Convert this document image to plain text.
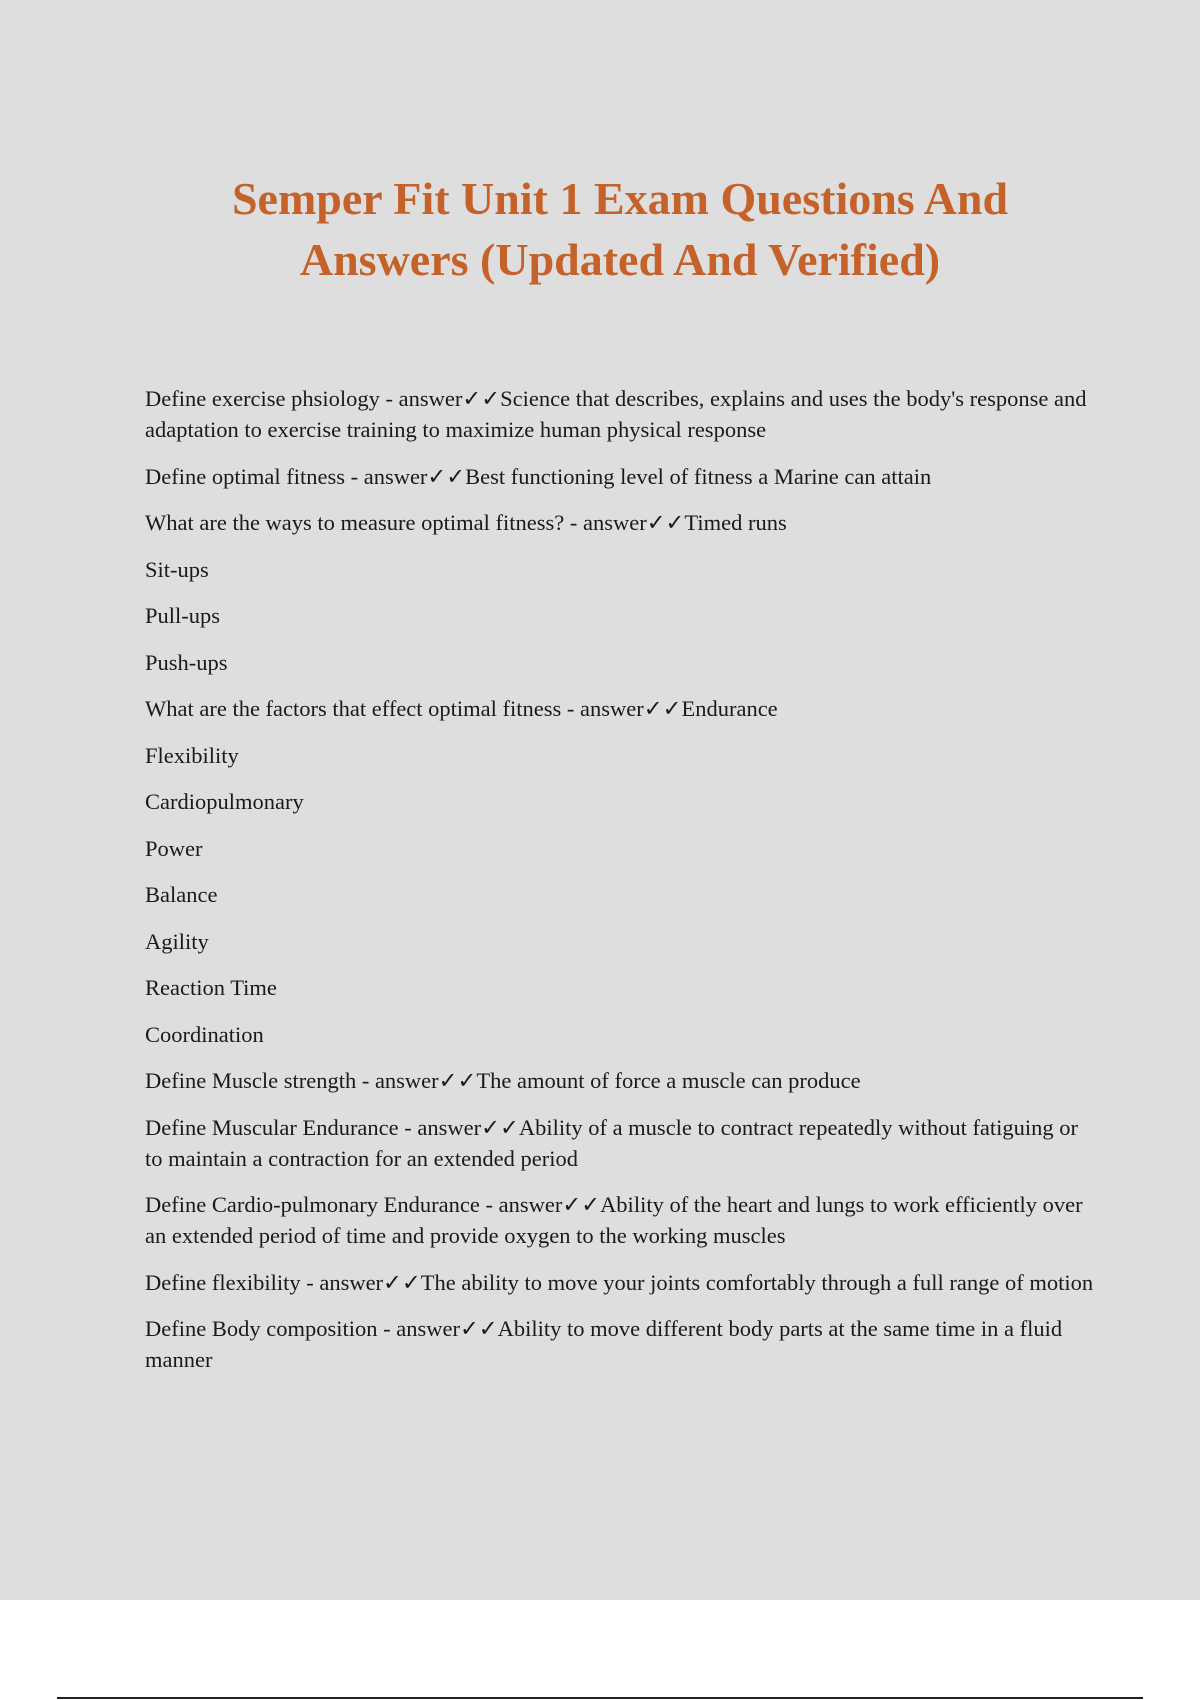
Semper Fit Unit 1 Exam Questions And Answers (Updated And Verified)

Define exercise phsiology - answer✓✓Science that describes, explains and uses the body's response and adaptation to exercise training to maximize human physical response

Define optimal fitness - answer✓✓Best functioning level of fitness a Marine can attain

What are the ways to measure optimal fitness? - answer✓✓Timed runs

Sit-ups

Pull-ups

Push-ups

What are the factors that effect optimal fitness - answer✓✓Endurance

Flexibility

Cardiopulmonary

Power

Balance

Agility

Reaction Time

Coordination

Define Muscle strength - answer✓✓The amount of force a muscle can produce

Define Muscular Endurance - answer✓✓Ability of a muscle to contract repeatedly without fatiguing or to maintain a contraction for an extended period

Define Cardio-pulmonary Endurance - answer✓✓Ability of the heart and lungs to work efficiently over an extended period of time and provide oxygen to the working muscles

Define flexibility - answer✓✓The ability to move your joints comfortably through a full range of motion

Define Body composition - answer✓✓Ability to move different body parts at the same time in a fluid manner
